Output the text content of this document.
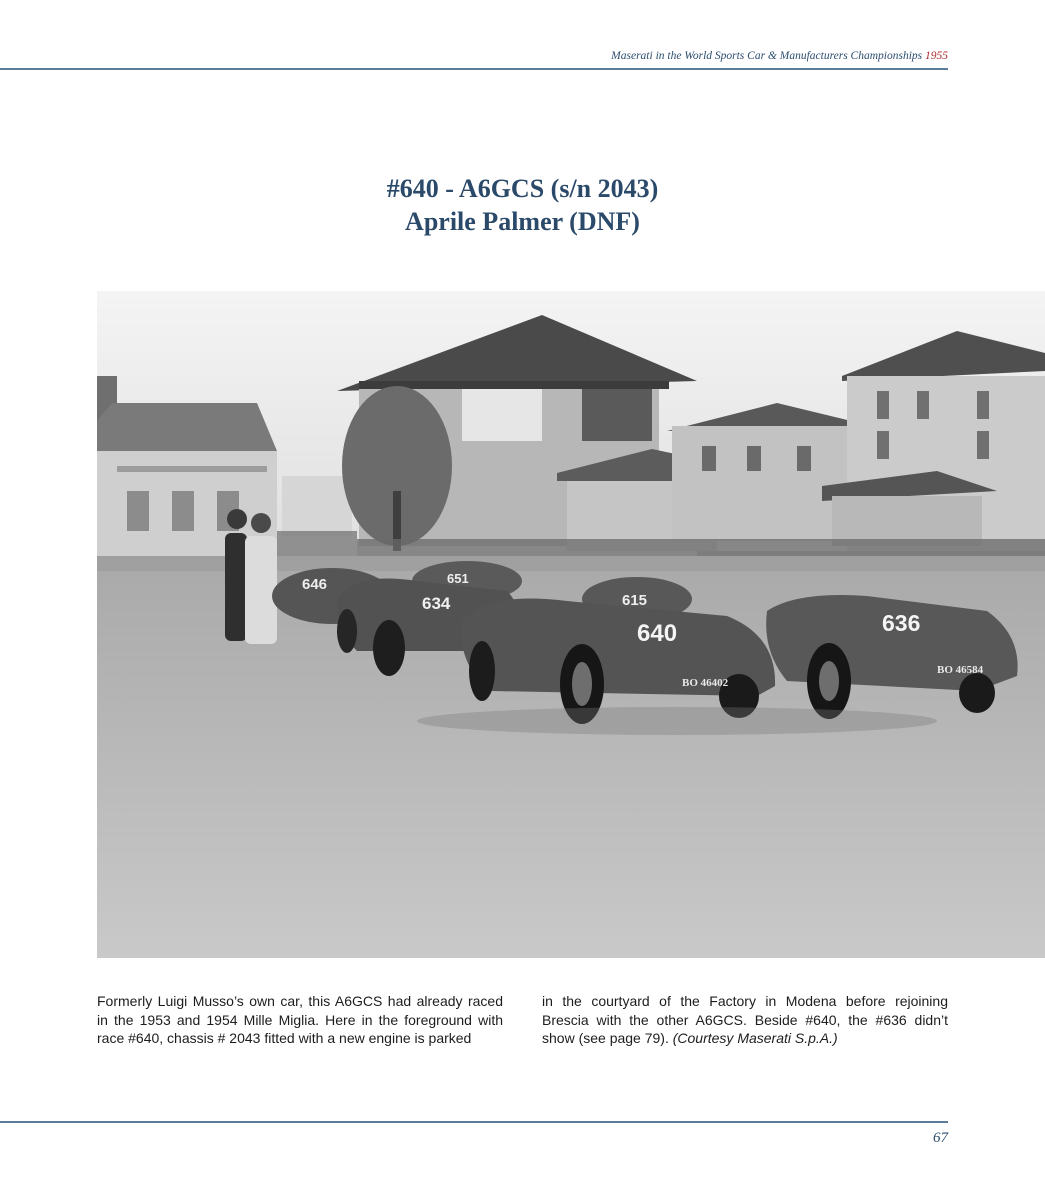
Maserati in the World Sports Car & Manufacturers Championships 1955
#640 - A6GCS (s/n 2043)
Aprile Palmer (DNF)
646	651
634	615
640	636
BO 46402
BO 46584
Formerly Luigi Musso’s own car, this A6GCS had already raced in the 1953 and 1954 Mille Miglia. Here in the foreground with race #640, chassis # 2043 fitted with a new engine is parked
in the courtyard of the Factory in Modena before rejoining Brescia with the other A6GCS. Beside #640, the #636 didn’t show (see page 79). (Courtesy Maserati S.p.A.)
67
